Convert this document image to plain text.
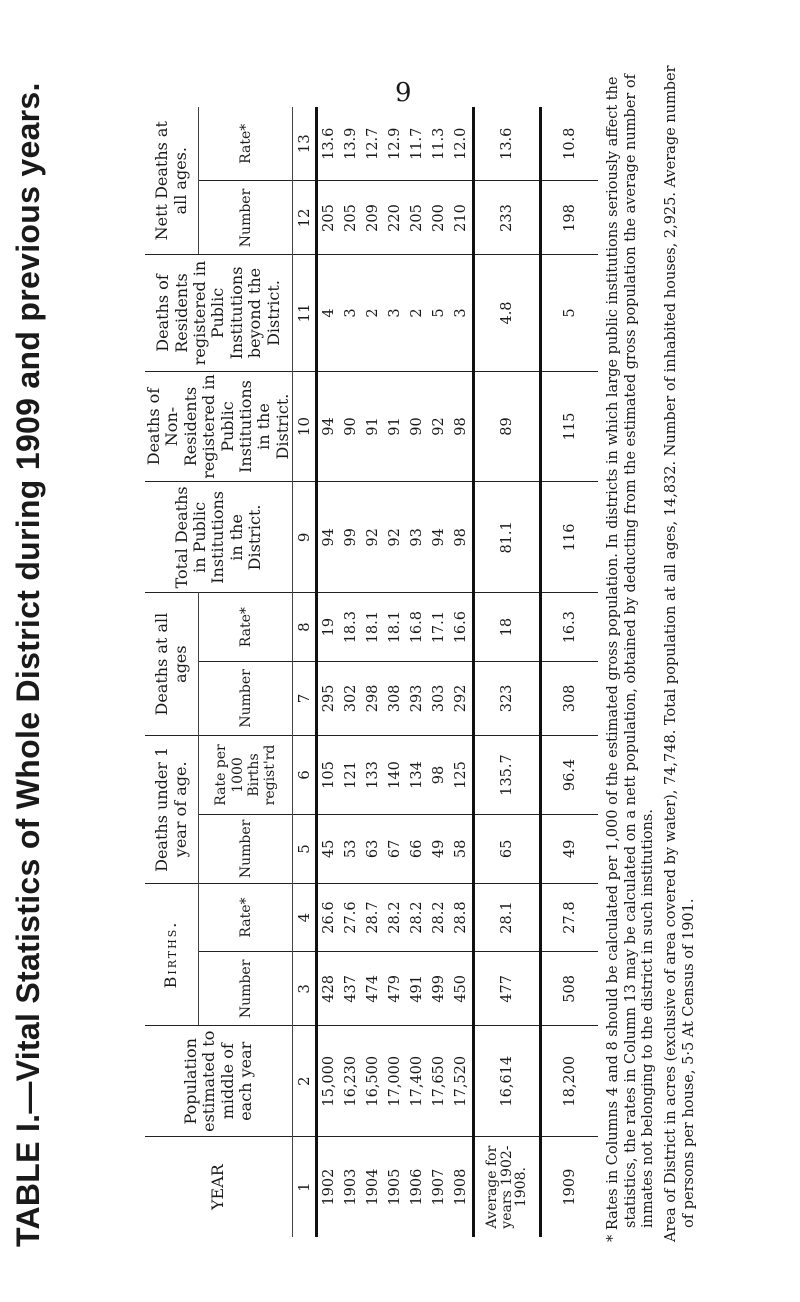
9
TABLE I.—Vital Statistics of Whole District during 1909 and previous years.	YEAR	Population estimated to middle of each year	Births.		Deaths under 1 year of age.		Deaths at all ages		Total Deaths in Public Institutions in the District.	Deaths of Non-Residents registered in Public Institutions in the District.	Deaths of Residents registered in Public Institutions beyond the District.	Nett Deaths at all ages.	
		Number	Rate*	Number	Rate per 1000 Births regist'rd	Number	Rate*				Number	Rate*
1	2	3	4	5	6	7	8	9	10	11	12	13
1902	15,000	428	26.6	45	105	295	19	94	94	4	205	13.6
1903	16,230	437	27.6	53	121	302	18.3	99	90	3	205	13.9
1904	16,500	474	28.7	63	133	298	18.1	92	91	2	209	12.7
1905	17,000	479	28.2	67	140	308	18.1	92	91	3	220	12.9
1906	17,400	491	28.2	66	134	293	16.8	93	90	2	205	11.7
1907	17,650	499	28.2	49	98	303	17.1	94	92	5	200	11.3
1908	17,520	450	28.8	58	125	292	16.6	98	98	3	210	12.0
Average for years 1902-1908.	16,614	477	28.1	65	135.7	323	18	81.1	89	4.8	233	13.6
1909	18,200	508	27.8	49	96.4	308	16.3	116	115	5	198	10.8 * Rates in Columns 4 and 8 should be calculated per 1,000 of the estimated gross population. In districts in which large public institutions seriously affect the statistics, the rates in Column 13 may be calculated on a nett population, obtained by deducting from the estimated gross population the average number of inmates not belonging to the district in such institutions. Area of District in acres (exclusive of area covered by water), 74,748. Total population at all ages, 14,832. Number of inhabited houses, 2,925. Average number of persons per house, 5·5 At Census of 1901.
